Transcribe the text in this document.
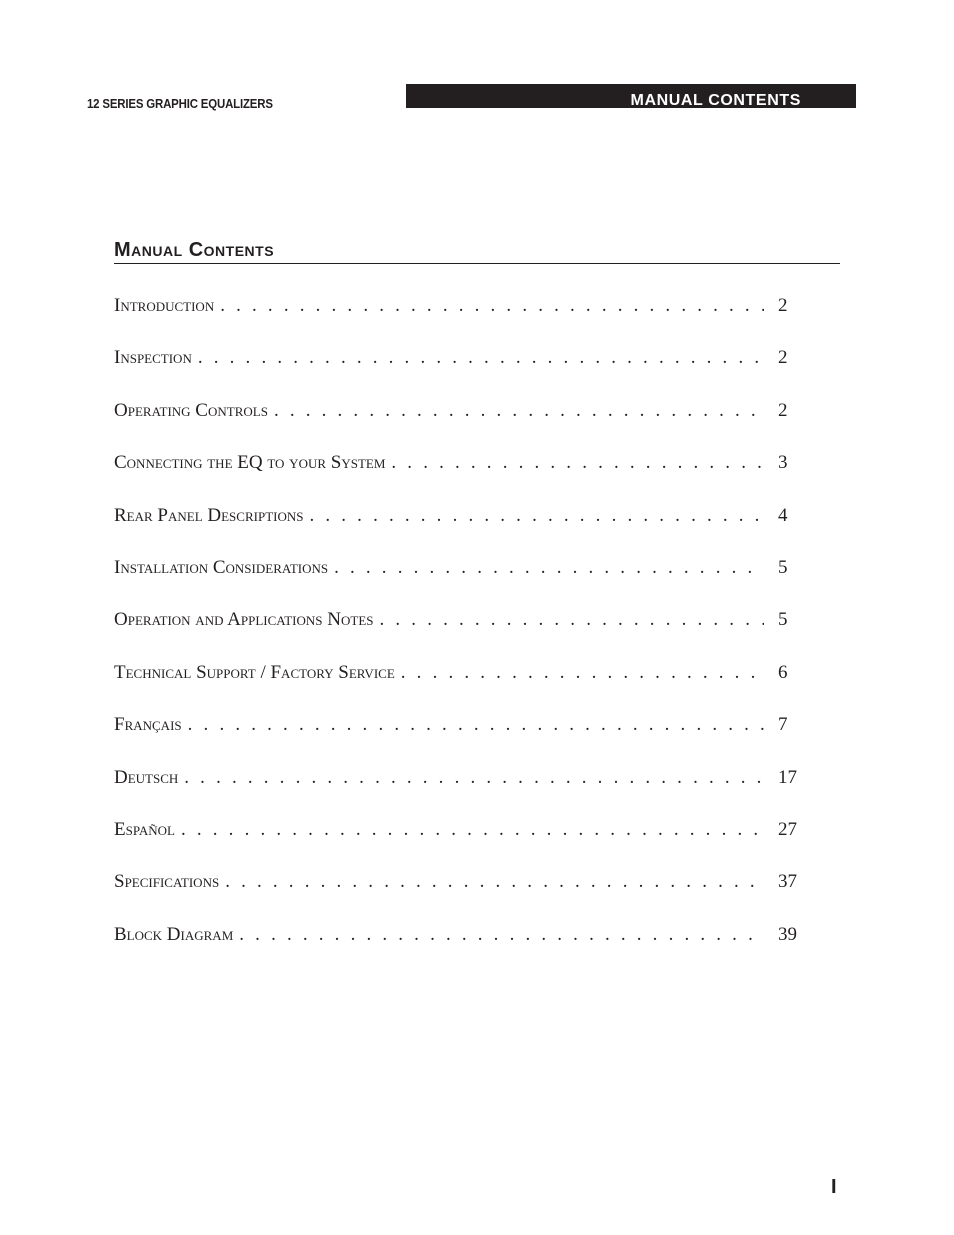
12 SERIES GRAPHIC EQUALIZERS	MANUAL CONTENTS
Manual Contents
Introduction . . .	2
Inspection . . .	2
Operating Controls . . .	2
Connecting the EQ to your System . . .	3
Rear Panel Descriptions . . .	4
Installation Considerations . . .	5
Operation and Applications Notes . . .	5
Technical Support / Factory Service . . .	6
Français . . .	7
Deutsch . . .	17
Español . . .	27
Specifications . . .	37
Block Diagram . . .	39
I
